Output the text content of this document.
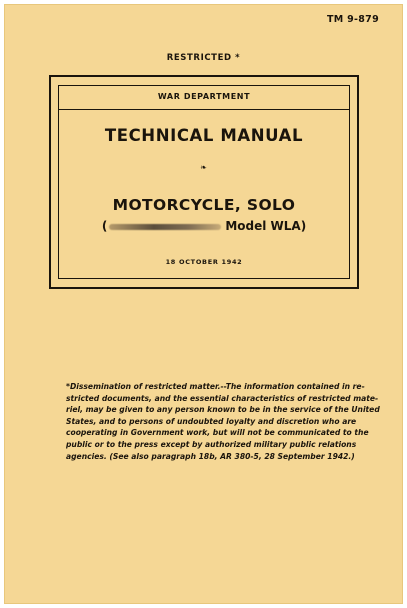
TM 9-879
RESTRICTED *
WAR DEPARTMENT
TECHNICAL MANUAL
❧
MOTORCYCLE, SOLO
(	Model WLA)
18 OCTOBER 1942
*Dissemination of restricted matter.--The information contained in re-
stricted documents, and the essential characteristics of restricted mate-
riel, may be given to any person known to be in the service of the United
States, and to persons of undoubted loyalty and discretion who are
cooperating in Government work, but will not be communicated to the
public or to the press except by authorized military public relations
agencies. (See also paragraph 18b, AR 380-5, 28 September 1942.)
